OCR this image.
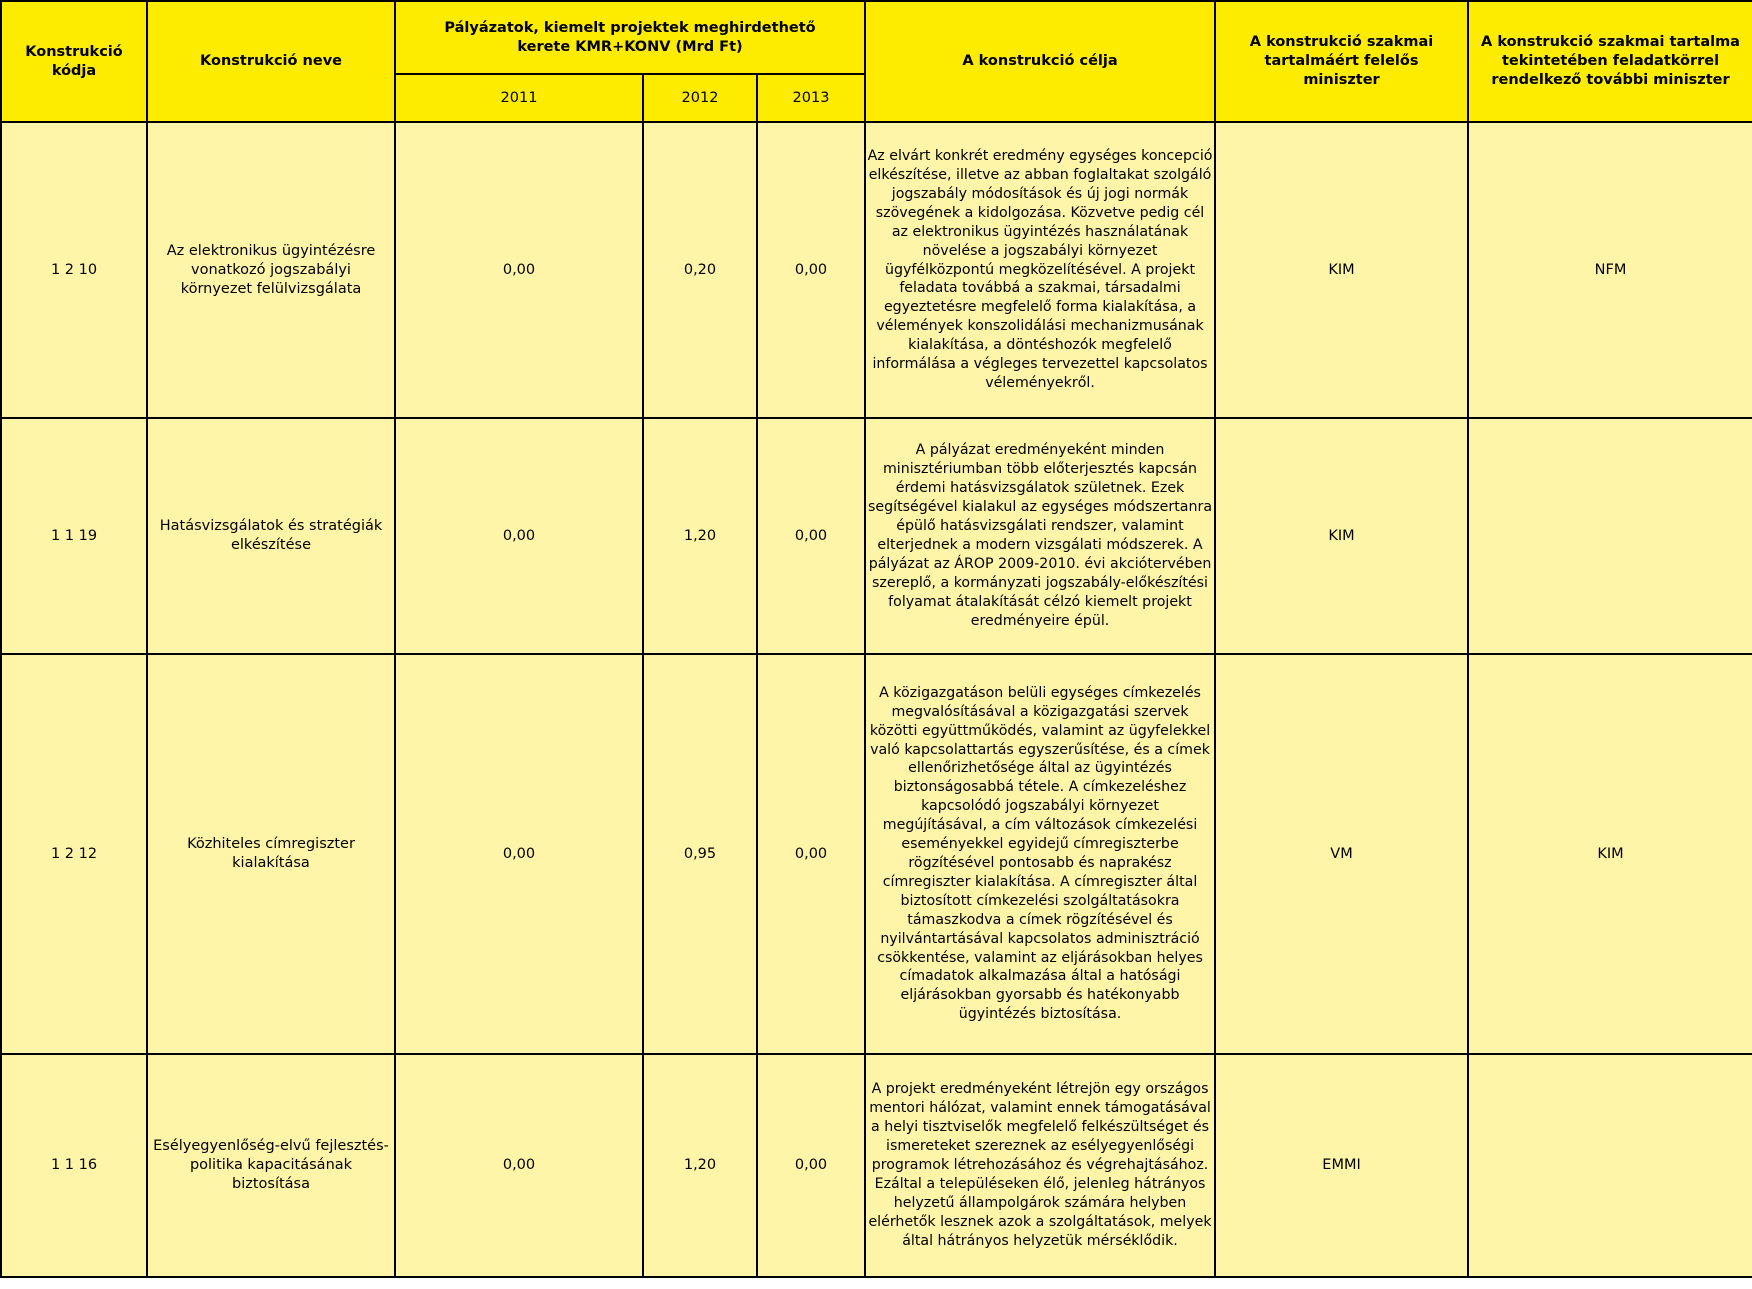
Konstrukció kódja	Konstrukció neve	Pályázatok, kiemelt projektek meghirdethető kerete KMR+KONV (Mrd Ft)			A konstrukció célja	A konstrukció szakmai tartalmáért felelős miniszter	A konstrukció szakmai tartalma tekintetében feladatkörrel rendelkező további miniszter
		2011	2012	2013			
1 2 10	Az elektronikus ügyintézésre vonatkozó jogszabályi környezet felülvizsgálata	0,00	0,20	0,00	Az elvárt konkrét eredmény egységes koncepció elkészítése, illetve az abban foglaltakat szolgáló jogszabály módosítások és új jogi normák szövegének a kidolgozása. Közvetve pedig cél az elektronikus ügyintézés használatának növelése a jogszabályi környezet ügyfélközpontú megközelítésével. A projekt feladata továbbá a szakmai, társadalmi egyeztetésre megfelelő forma kialakítása, a vélemények konszolidálási mechanizmusának kialakítása, a döntéshozók megfelelő informálása a végleges tervezettel kapcsolatos véleményekről.	KIM	NFM
1 1 19	Hatásvizsgálatok és stratégiák elkészítése	0,00	1,20	0,00	A pályázat eredményeként minden minisztériumban több előterjesztés kapcsán érdemi hatásvizsgálatok születnek. Ezek segítségével kialakul az egységes módszertanra épülő hatásvizsgálati rendszer, valamint elterjednek a modern vizsgálati módszerek. A pályázat az ÁROP 2009-2010. évi akciótervében szereplő, a kormányzati jogszabály-előkészítési folyamat átalakítását célzó kiemelt projekt eredményeire épül.	KIM	
1 2 12	Közhiteles címregiszter kialakítása	0,00	0,95	0,00	A közigazgatáson belüli egységes címkezelés megvalósításával a közigazgatási szervek közötti együttműködés, valamint az ügyfelekkel való kapcsolattartás egyszerűsítése, és a címek ellenőrizhetősége által az ügyintézés biztonságosabbá tétele. A címkezeléshez kapcsolódó jogszabályi környezet megújításával, a cím változások címkezelési eseményekkel egyidejű címregiszterbe rögzítésével pontosabb és naprakész címregiszter kialakítása. A címregiszter által biztosított címkezelési szolgáltatásokra támaszkodva a címek rögzítésével és nyilvántartásával kapcsolatos adminisztráció csökkentése, valamint az eljárásokban helyes címadatok alkalmazása által a hatósági eljárásokban gyorsabb és hatékonyabb ügyintézés biztosítása.	VM	KIM
1 1 16	Esélyegyenlőség-elvű fejlesztés-politika kapacitásának biztosítása	0,00	1,20	0,00	A projekt eredményeként létrejön egy országos mentori hálózat, valamint ennek támogatásával a helyi tisztviselők megfelelő felkészültséget és ismereteket szereznek az esélyegyenlőségi programok létrehozásához és végrehajtásához. Ezáltal a településeken élő, jelenleg hátrányos helyzetű állampolgárok számára helyben elérhetők lesznek azok a szolgáltatások, melyek által hátrányos helyzetük mérséklődik.	EMMI	
